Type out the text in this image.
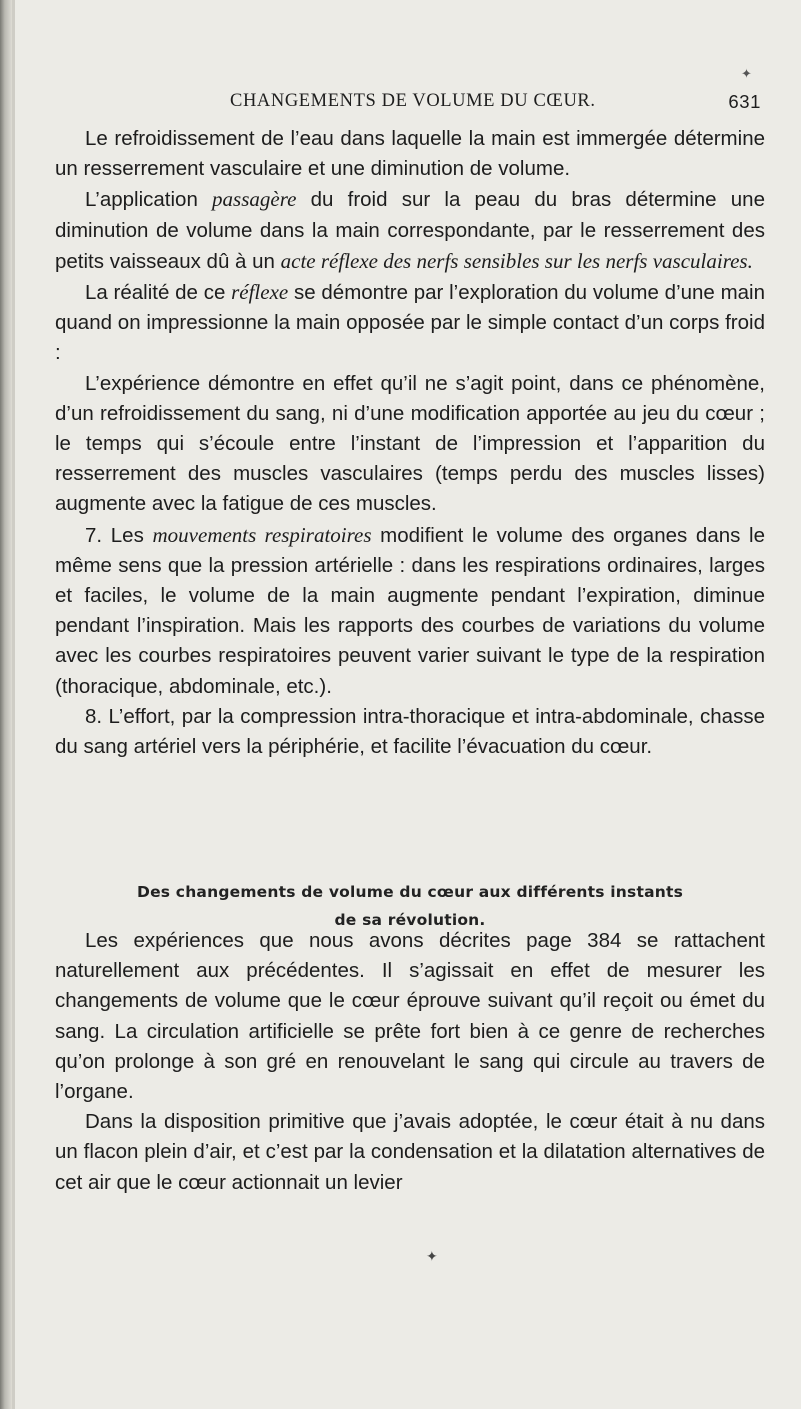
✦
CHANGEMENTS DE VOLUME DU CŒUR.	631

Le refroidissement de l’eau dans laquelle la main est immergée détermine un resserrement vasculaire et une diminution de volume.

L’application passagère du froid sur la peau du bras détermine une diminution de volume dans la main correspondante, par le resserrement des petits vaisseaux dû à un acte réflexe des nerfs sensibles sur les nerfs vasculaires.

La réalité de ce réflexe se démontre par l’exploration du volume d’une main quand on impressionne la main opposée par le simple contact d’un corps froid :

L’expérience démontre en effet qu’il ne s’agit point, dans ce phénomène, d’un refroidissement du sang, ni d’une modification apportée au jeu du cœur ; le temps qui s’écoule entre l’instant de l’impression et l’apparition du resserrement des muscles vasculaires (temps perdu des muscles lisses) augmente avec la fatigue de ces muscles.

7. Les mouvements respiratoires modifient le volume des organes dans le même sens que la pression artérielle : dans les respirations ordinaires, larges et faciles, le volume de la main augmente pendant l’expiration, diminue pendant l’inspiration. Mais les rapports des courbes de variations du volume avec les courbes respiratoires peuvent varier suivant le type de la respiration (thoracique, abdominale, etc.).

8. L’effort, par la compression intra-thoracique et intra-abdominale, chasse du sang artériel vers la périphérie, et facilite l’évacuation du cœur.

Des changements de volume du cœur aux différents instants
de sa révolution.

Les expériences que nous avons décrites page 384 se rattachent naturellement aux précédentes. Il s’agissait en effet de mesurer les changements de volume que le cœur éprouve suivant qu’il reçoit ou émet du sang. La circulation artificielle se prête fort bien à ce genre de recherches qu’on prolonge à son gré en renouvelant le sang qui circule au travers de l’organe.

Dans la disposition primitive que j’avais adoptée, le cœur était à nu dans un flacon plein d’air, et c’est par la condensation et la dilatation alternatives de cet air que le cœur actionnait un levier

✦
